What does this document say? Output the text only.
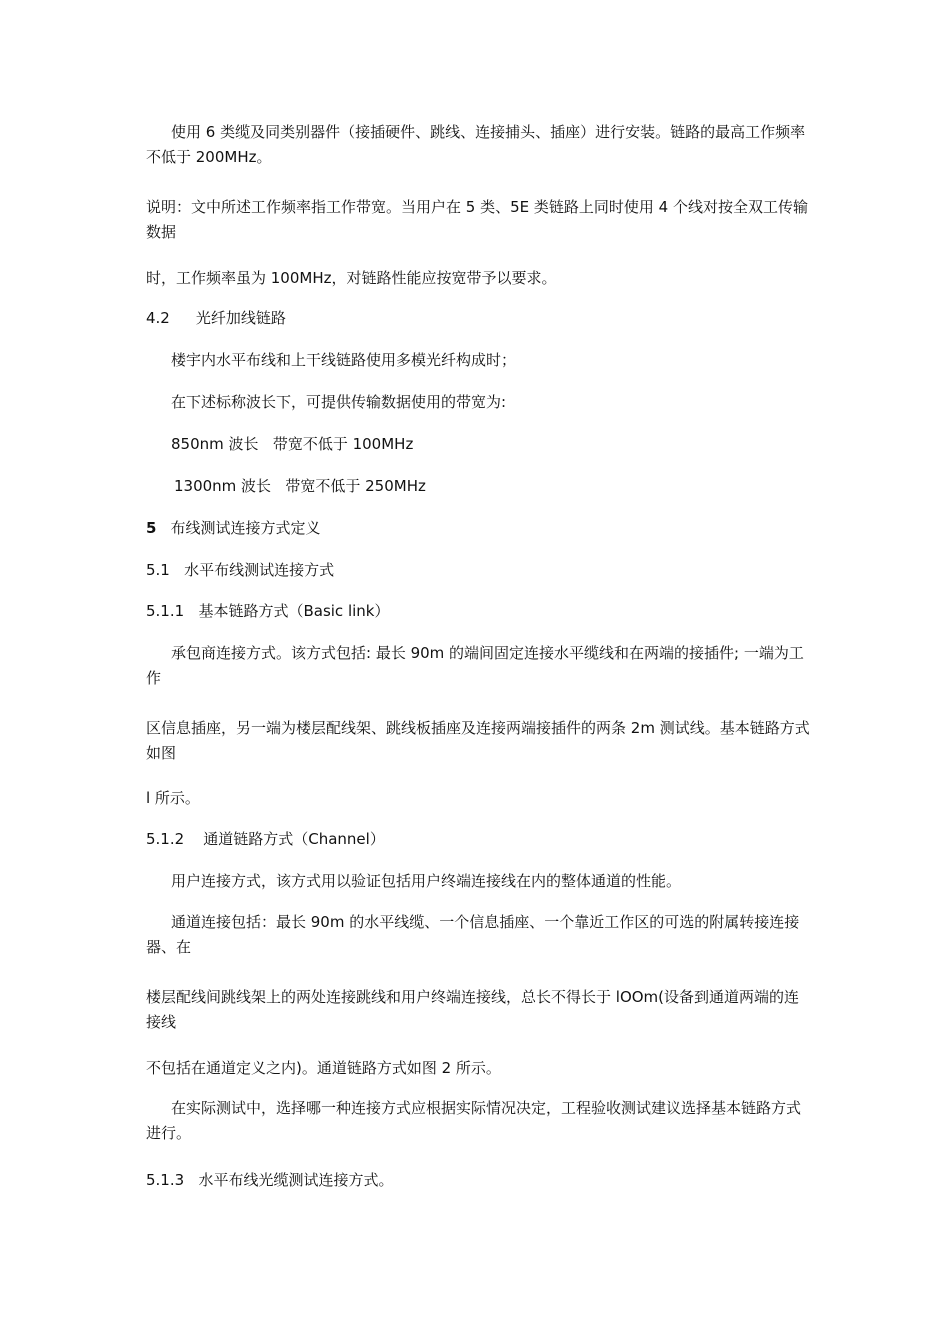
使用 6 类缆及同类别器件（接插硬件、跳线、连接捕头、插座）进行安装。链路的最高工作频率不低于 200MHz。

说明：文中所述工作频率指工作带宽。当用户在 5 类、5E 类链路上同时使用 4 个线对按全双工传输数据

时，工作频率虽为 100MHz，对链路性能应按宽带予以要求。

4.2 光纤加线链路

楼宇内水平布线和上干线链路使用多模光纤构成时；

在下述标称波长下，可提供传输数据使用的带宽为:

850nm 波长   带宽不低于 100MHz

1300nm 波长   带宽不低于 250MHz

5 布线测试连接方式定义

5.1   水平布线测试连接方式

5.1.1   基本链路方式（Basic link）

承包商连接方式。该方式包括: 最长 90m 的端间固定连接水平缆线和在两端的接插件; 一端为工作

区信息插座，另一端为楼层配线架、跳线板插座及连接两端接插件的两条 2m 测试线。基本链路方式如图

l 所示。

5.1.2    通道链路方式（Channel）

用户连接方式，该方式用以验证包括用户终端连接线在内的整体通道的性能。

通道连接包括：最长 90m 的水平线缆、一个信息插座、一个靠近工作区的可选的附属转接连接器、在

楼层配线间跳线架上的两处连接跳线和用户终端连接线，总长不得长于 lOOm(设备到通道两端的连接线

不包括在通道定义之内)。通道链路方式如图 2 所示。

在实际测试中，选择哪一种连接方式应根据实际情况决定，工程验收测试建议选择基本链路方式进行。

5.1.3   水平布线光缆测试连接方式。
